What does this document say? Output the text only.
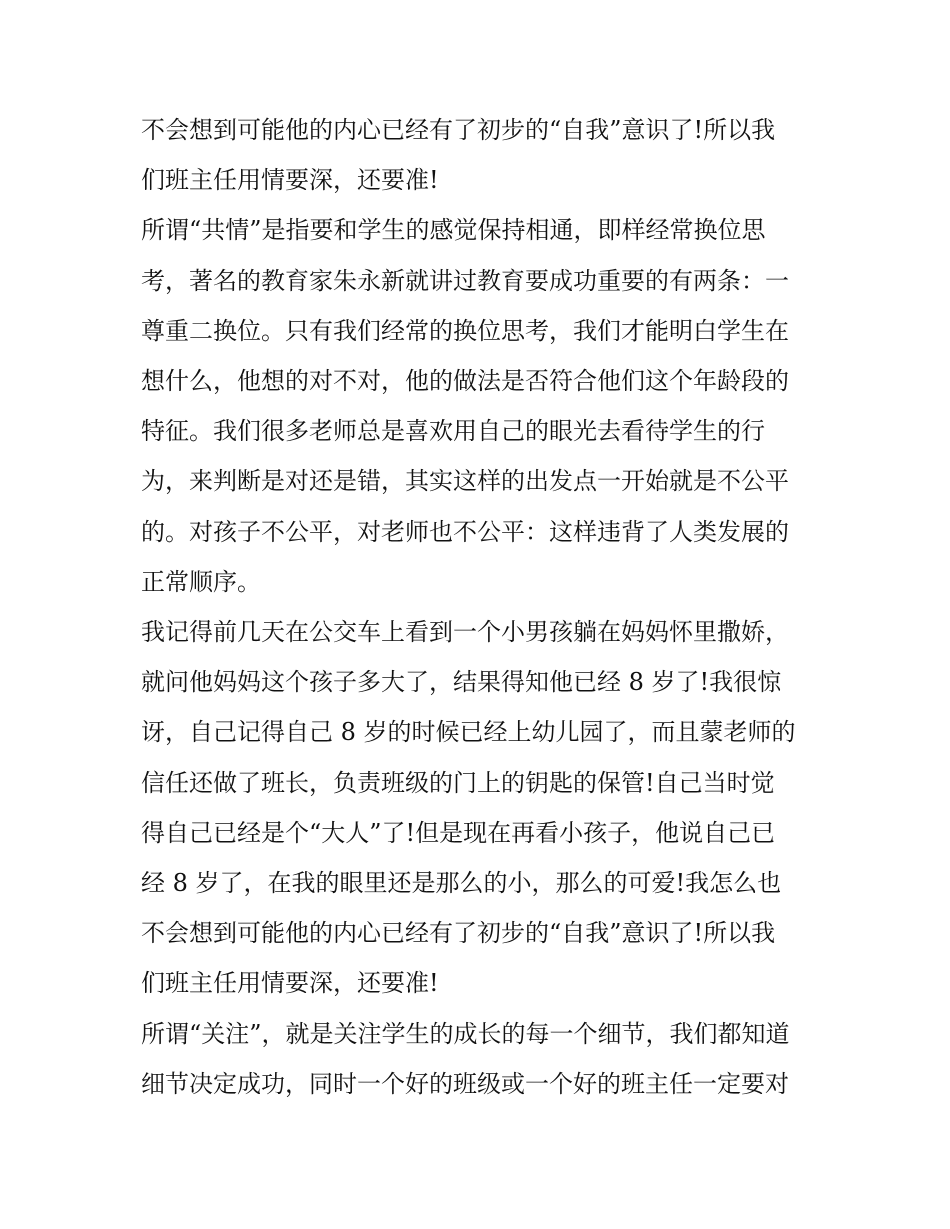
不会想到可能他的内心已经有了初步的“自我”意识了!所以我
们班主任用情要深，还要准!
所谓“共情”是指要和学生的感觉保持相通，即样经常换位思
考，著名的教育家朱永新就讲过教育要成功重要的有两条：一
尊重二换位。只有我们经常的换位思考，我们才能明白学生在
想什么，他想的对不对，他的做法是否符合他们这个年龄段的
特征。我们很多老师总是喜欢用自己的眼光去看待学生的行
为，来判断是对还是错，其实这样的出发点一开始就是不公平
的。对孩子不公平，对老师也不公平：这样违背了人类发展的
正常顺序。
我记得前几天在公交车上看到一个小男孩躺在妈妈怀里撒娇，
就问他妈妈这个孩子多大了，结果得知他已经 8 岁了!我很惊
讶，自己记得自己 8 岁的时候已经上幼儿园了，而且蒙老师的
信任还做了班长，负责班级的门上的钥匙的保管!自己当时觉
得自己已经是个“大人”了!但是现在再看小孩子，他说自己已
经 8 岁了，在我的眼里还是那么的小，那么的可爱!我怎么也
不会想到可能他的内心已经有了初步的“自我”意识了!所以我
们班主任用情要深，还要准!
所谓“关注”，就是关注学生的成长的每一个细节，我们都知道
细节决定成功，同时一个好的班级或一个好的班主任一定要对
